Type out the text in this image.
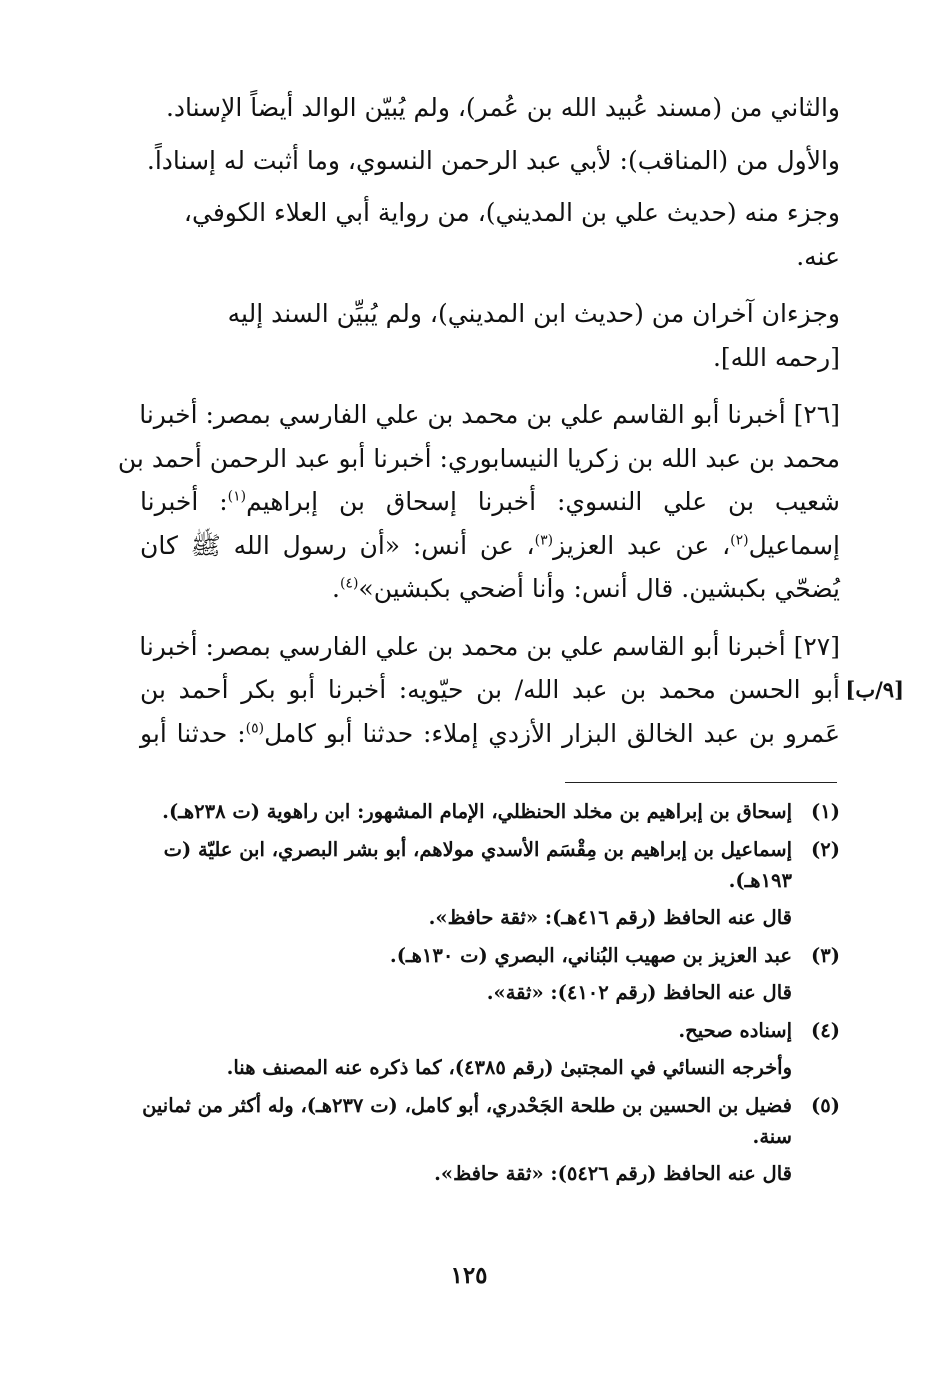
والثاني من (مسند عُبيد الله بن عُمر)، ولم يُبيّن الوالد أيضاً الإسناد.

والأول من (المناقب): لأبي عبد الرحمن النسوي، وما أثبت له إسناداً.

وجزء منه (حديث علي بن المديني)، من رواية أبي العلاء الكوفي،
عنه.

وجزءان آخران من (حديث ابن المديني)، ولم يُبيِّن السند إليه
[رحمه الله].

[٢٦] أخبرنا أبو القاسم علي بن محمد بن علي الفارسي بمصر: أخبرنا
محمد بن عبد الله بن زكريا النيسابوري: أخبرنا أبو عبد الرحمن أحمد بن
شعيب بن علي النسوي: أخبرنا إسحاق بن إبراهيم$^{(١)}$: أخبرنا
إسماعيل$^{(٢)}$، عن عبد العزيز$^{(٣)}$، عن أنس: «أن رسول الله ﷺ كان
يُضحّي بكبشين. قال أنس: وأنا أضحي بكبشين»$^{(٤)}$.

[٢٧] أخبرنا أبو القاسم علي بن محمد بن علي الفارسي بمصر: أخبرنا
أبو الحسن محمد بن عبد الله/ بن حيّويه: أخبرنا أبو بكر أحمد بن
عَمرو بن عبد الخالق البزار الأزدي إملاء: حدثنا أبو كامل$^{(٥)}$: حدثنا أبو

[٩/ب]
(١)
إسحاق بن إبراهيم بن مخلد الحنظلي، الإمام المشهور: ابن راهوية (ت ٢٣٨هـ).
(٢)
إسماعيل بن إبراهيم بن مِقْسَم الأسدي مولاهم، أبو بشر البصري، ابن عليّة (ت ١٩٣هـ).
قال عنه الحافظ (رقم ٤١٦هـ): «ثقة حافظ».
(٣)
عبد العزيز بن صهيب البُناني، البصري (ت ١٣٠هـ).
قال عنه الحافظ (رقم ٤١٠٢): «ثقة».
(٤)
إسناده صحيح.
وأخرجه النسائي في المجتبىٰ (رقم ٤٣٨٥)، كما ذكره عنه المصنف هنا.
(٥)
فضيل بن الحسين بن طلحة الجَحْدري، أبو كامل، (ت ٢٣٧هـ)، وله أكثر من ثمانين سنة.
قال عنه الحافظ (رقم ٥٤٢٦): «ثقة حافظ».
١٢٥
